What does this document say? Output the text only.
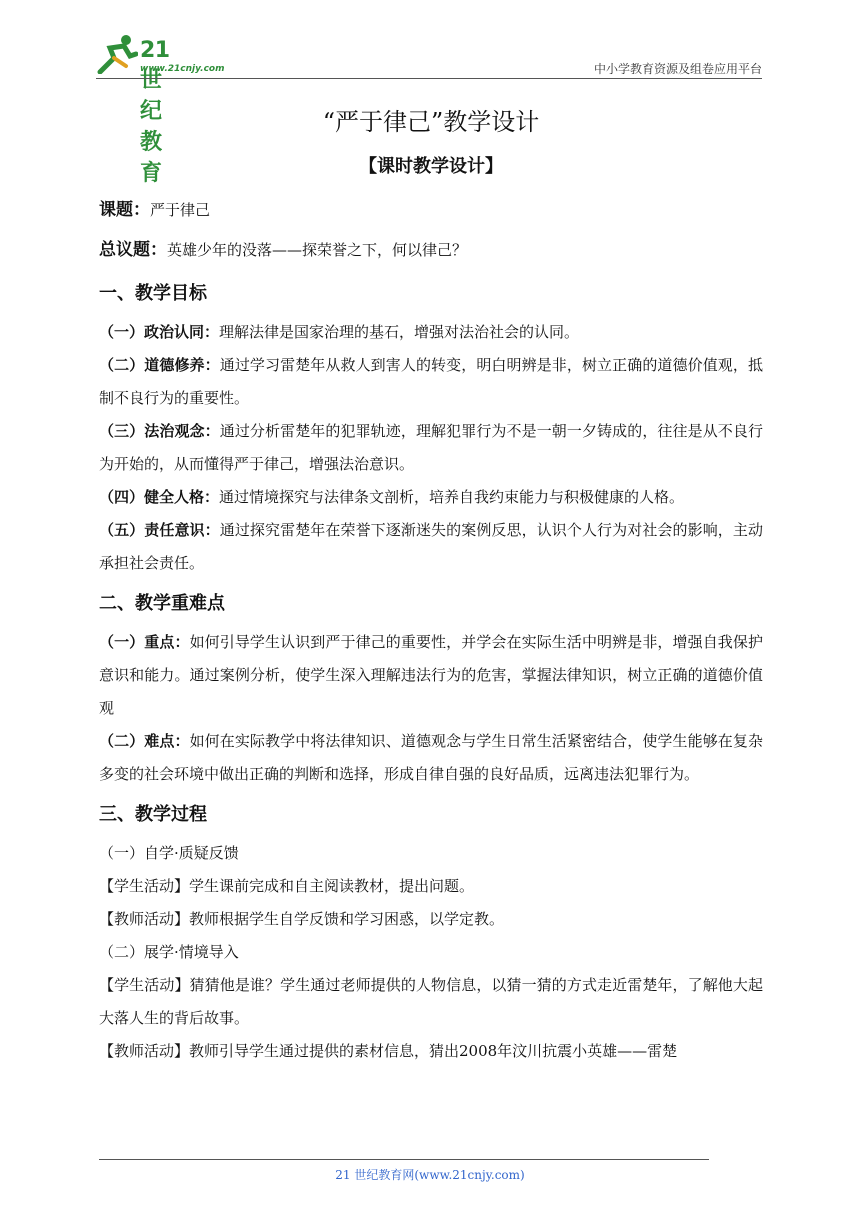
21世纪教育
www.21cnjy.com	中小学教育资源及组卷应用平台
“严于律己”教学设计
【课时教学设计】
课题：严于律己
总议题：英雄少年的没落——探荣誉之下，何以律己？
一、教学目标

（一）政治认同：理解法律是国家治理的基石，增强对法治社会的认同。

（二）道德修养：通过学习雷楚年从救人到害人的转变，明白明辨是非，树立正确的道德价值观，抵制不良行为的重要性。

（三）法治观念：通过分析雷楚年的犯罪轨迹，理解犯罪行为不是一朝一夕铸成的，往往是从不良行为开始的，从而懂得严于律己，增强法治意识。

（四）健全人格：通过情境探究与法律条文剖析，培养自我约束能力与积极健康的人格。

（五）责任意识：通过探究雷楚年在荣誉下逐渐迷失的案例反思，认识个人行为对社会的影响，主动承担社会责任。

二、教学重难点

（一）重点：如何引导学生认识到严于律己的重要性，并学会在实际生活中明辨是非，增强自我保护意识和能力。通过案例分析，使学生深入理解违法行为的危害，掌握法律知识，树立正确的道德价值观

（二）难点：如何在实际教学中将法律知识、道德观念与学生日常生活紧密结合，使学生能够在复杂多变的社会环境中做出正确的判断和选择，形成自律自强的良好品质，远离违法犯罪行为。

三、教学过程

（一）自学·质疑反馈

【学生活动】学生课前完成和自主阅读教材，提出问题。

【教师活动】教师根据学生自学反馈和学习困惑，以学定教。

（二）展学·情境导入

【学生活动】猜猜他是谁？学生通过老师提供的人物信息，以猜一猜的方式走近雷楚年，了解他大起大落人生的背后故事。

【教师活动】教师引导学生通过提供的素材信息，猜出2008年汶川抗震小英雄——雷楚

21 世纪教育网(www.21cnjy.com)
